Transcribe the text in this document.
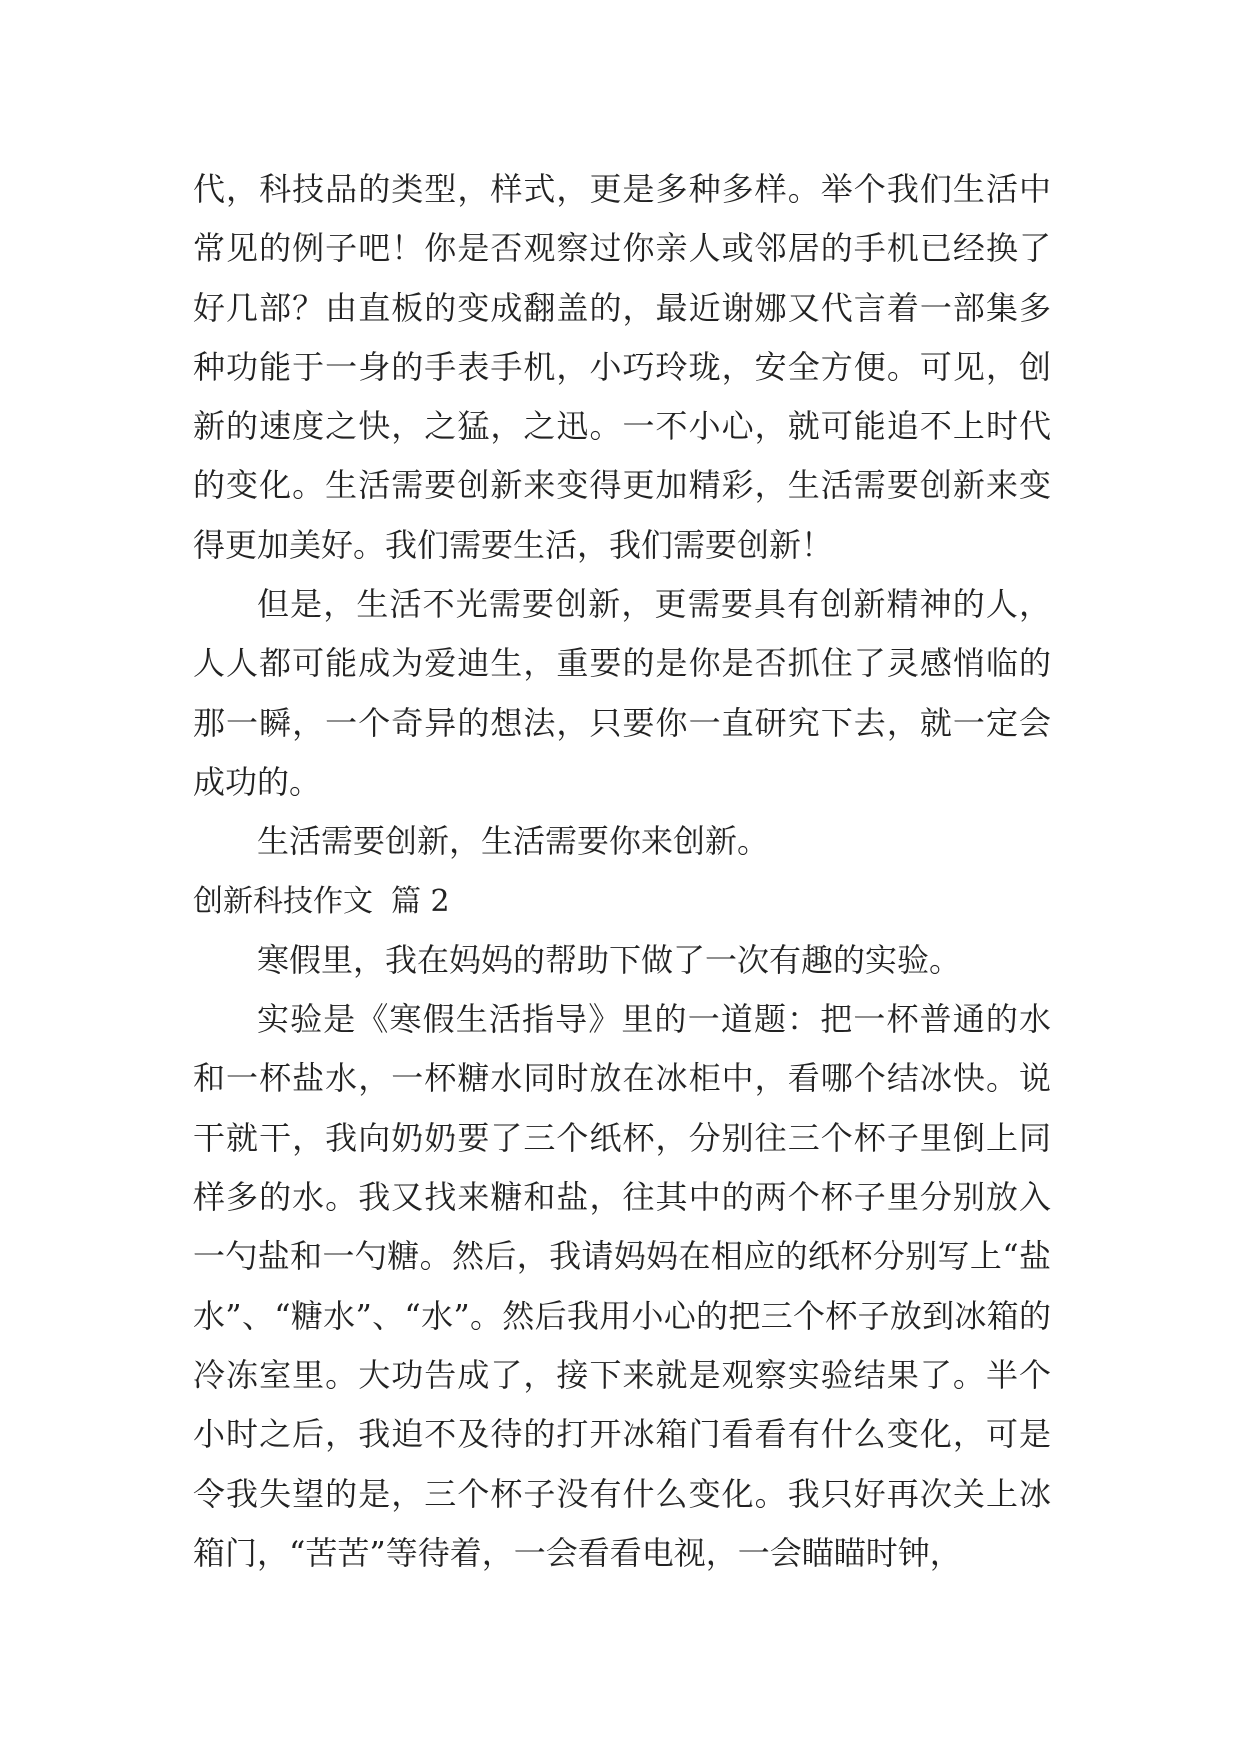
代，科技品的类型，样式，更是多种多样。举个我们生活中常见的例子吧！你是否观察过你亲人或邻居的手机已经换了好几部？由直板的变成翻盖的，最近谢娜又代言着一部集多种功能于一身的手表手机，小巧玲珑，安全方便。可见，创新的速度之快，之猛，之迅。一不小心，就可能追不上时代的变化。生活需要创新来变得更加精彩，生活需要创新来变得更加美好。我们需要生活，我们需要创新！

但是，生活不光需要创新，更需要具有创新精神的人，人人都可能成为爱迪生，重要的是你是否抓住了灵感悄临的那一瞬，一个奇异的想法，只要你一直研究下去，就一定会成功的。

生活需要创新，生活需要你来创新。

创新科技作文 篇 2

寒假里，我在妈妈的帮助下做了一次有趣的实验。

实验是《寒假生活指导》里的一道题：把一杯普通的水和一杯盐水，一杯糖水同时放在冰柜中，看哪个结冰快。说干就干，我向奶奶要了三个纸杯，分别往三个杯子里倒上同样多的水。我又找来糖和盐，往其中的两个杯子里分别放入一勺盐和一勺糖。然后，我请妈妈在相应的纸杯分别写上“盐水”、“糖水”、“水”。然后我用小心的把三个杯子放到冰箱的冷冻室里。大功告成了，接下来就是观察实验结果了。半个小时之后，我迫不及待的打开冰箱门看看有什么变化，可是令我失望的是，三个杯子没有什么变化。我只好再次关上冰箱门，“苦苦”等待着，一会看看电视，一会瞄瞄时钟，
